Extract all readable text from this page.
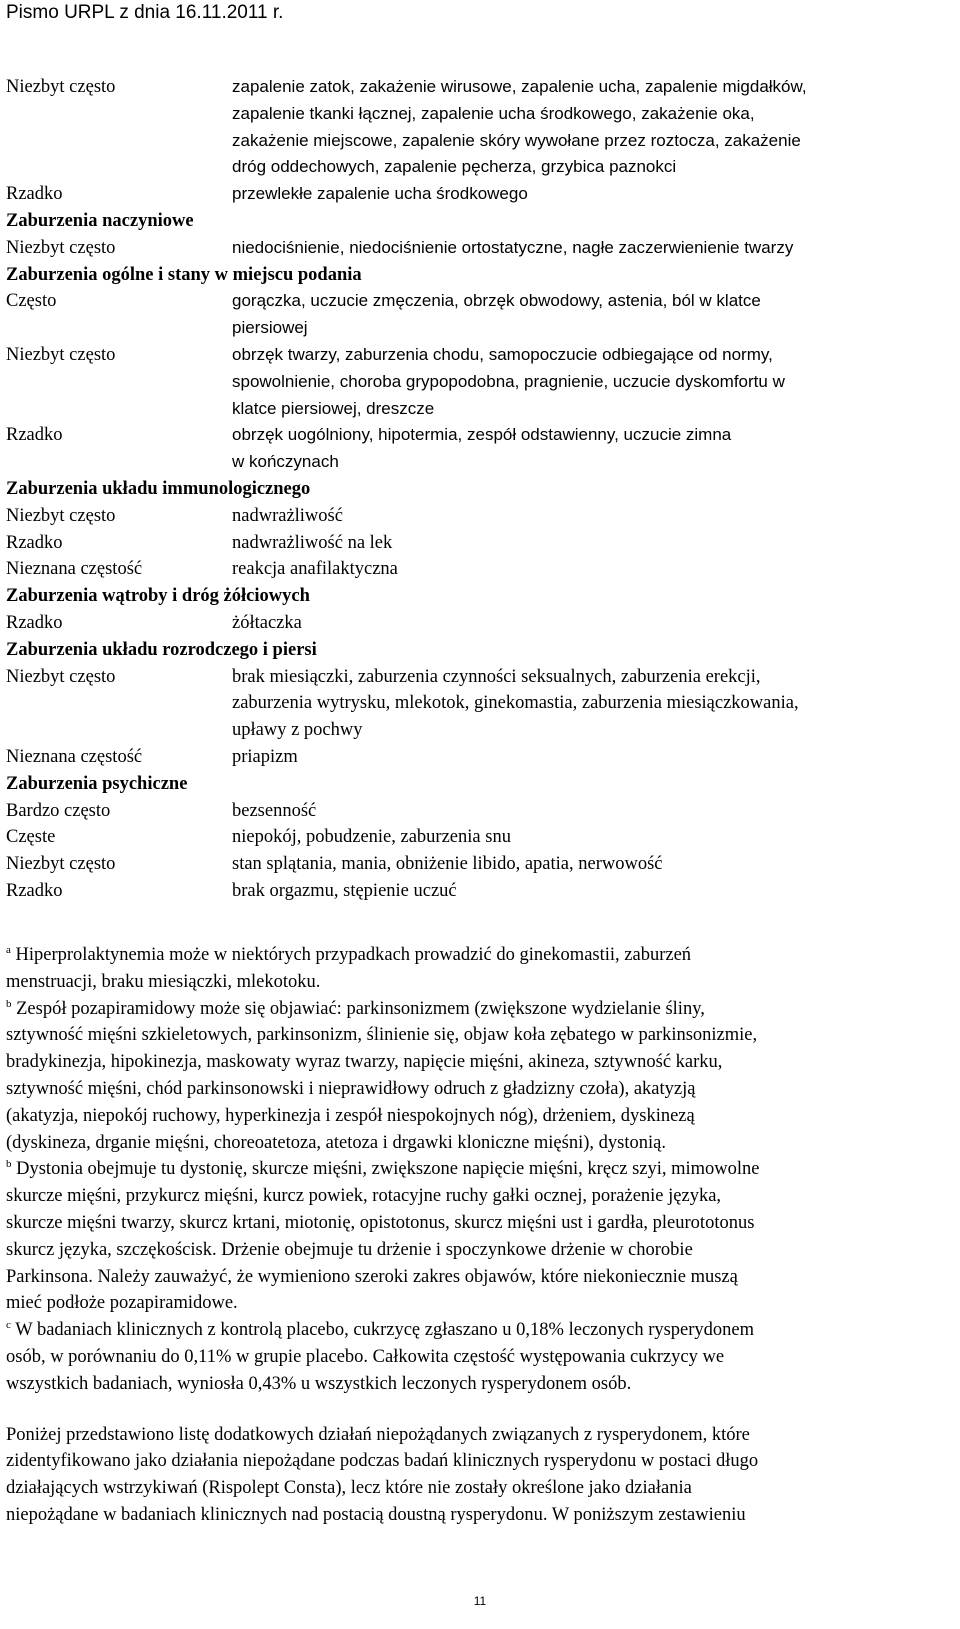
Pismo URPL z dnia 16.11.2011 r.
Niezbyt często	zapalenie zatok, zakażenie wirusowe, zapalenie ucha, zapalenie migdałków,
zapalenie tkanki łącznej, zapalenie ucha środkowego, zakażenie oka,
zakażenie miejscowe, zapalenie skóry wywołane przez roztocza, zakażenie
dróg oddechowych, zapalenie pęcherza, grzybica paznokci
Rzadko	przewlekłe zapalenie ucha środkowego
Zaburzenia naczyniowe
Niezbyt często	niedociśnienie, niedociśnienie ortostatyczne, nagłe zaczerwienienie twarzy
Zaburzenia ogólne i stany w miejscu podania
Często	gorączka, uczucie zmęczenia, obrzęk obwodowy, astenia, ból w klatce
piersiowej
Niezbyt często	obrzęk twarzy, zaburzenia chodu, samopoczucie odbiegające od normy,
spowolnienie, choroba grypopodobna, pragnienie, uczucie dyskomfortu w
klatce piersiowej, dreszcze
Rzadko	obrzęk uogólniony, hipotermia, zespół odstawienny, uczucie zimna
w kończynach
Zaburzenia układu immunologicznego
Niezbyt często	nadwrażliwość
Rzadko	nadwrażliwość na lek
Nieznana częstość	reakcja anafilaktyczna
Zaburzenia wątroby i dróg żółciowych
Rzadko	żółtaczka
Zaburzenia układu rozrodczego i piersi
Niezbyt często	brak miesiączki, zaburzenia czynności seksualnych, zaburzenia erekcji,
zaburzenia wytrysku, mlekotok, ginekomastia, zaburzenia miesiączkowania,
upławy z pochwy
Nieznana częstość	priapizm
Zaburzenia psychiczne
Bardzo często	bezsenność
Częste	niepokój, pobudzenie, zaburzenia snu
Niezbyt często	stan splątania, mania, obniżenie libido, apatia, nerwowość
Rzadko	brak orgazmu, stępienie uczuć

$^a$ Hiperprolaktynemia może w niektórych przypadkach prowadzić do ginekomastii, zaburzeń

menstruacji, braku miesiączki, mlekotoku.

$^b$ Zespół pozapiramidowy może się objawiać: parkinsonizmem (zwiększone wydzielanie śliny,

sztywność mięśni szkieletowych, parkinsonizm, ślinienie się, objaw koła zębatego w parkinsonizmie,

bradykinezja, hipokinezja, maskowaty wyraz twarzy, napięcie mięśni, akineza, sztywność karku,

sztywność mięśni, chód parkinsonowski i nieprawidłowy odruch z gładzizny czoła), akatyzją

(akatyzja, niepokój ruchowy, hyperkinezja i zespół niespokojnych nóg), drżeniem, dyskinezą

(dyskineza, drganie mięśni, choreoatetoza, atetoza i drgawki kloniczne mięśni), dystonią.

$^b$ Dystonia obejmuje tu dystonię, skurcze mięśni, zwiększone napięcie mięśni, kręcz szyi, mimowolne

skurcze mięśni, przykurcz mięśni, kurcz powiek, rotacyjne ruchy gałki ocznej, porażenie języka,

skurcze mięśni twarzy, skurcz krtani, miotonię, opistotonus, skurcz mięśni ust i gardła, pleurototonus

skurcz języka, szczękościsk. Drżenie obejmuje tu drżenie i spoczynkowe drżenie w chorobie

Parkinsona. Należy zauważyć, że wymieniono szeroki zakres objawów, które niekoniecznie muszą

mieć podłoże pozapiramidowe.

$^c$ W badaniach klinicznych z kontrolą placebo, cukrzycę zgłaszano u 0,18% leczonych rysperydonem

osób, w porównaniu do 0,11% w grupie placebo. Całkowita częstość występowania cukrzycy we

wszystkich badaniach, wyniosła 0,43% u wszystkich leczonych rysperydonem osób.

Poniżej przedstawiono listę dodatkowych działań niepożądanych związanych z rysperydonem, które

zidentyfikowano jako działania niepożądane podczas badań klinicznych rysperydonu w postaci długo

działających wstrzykiwań (Rispolept Consta), lecz które nie zostały określone jako działania

niepożądane w badaniach klinicznych nad postacią doustną rysperydonu. W poniższym zestawieniu

11
